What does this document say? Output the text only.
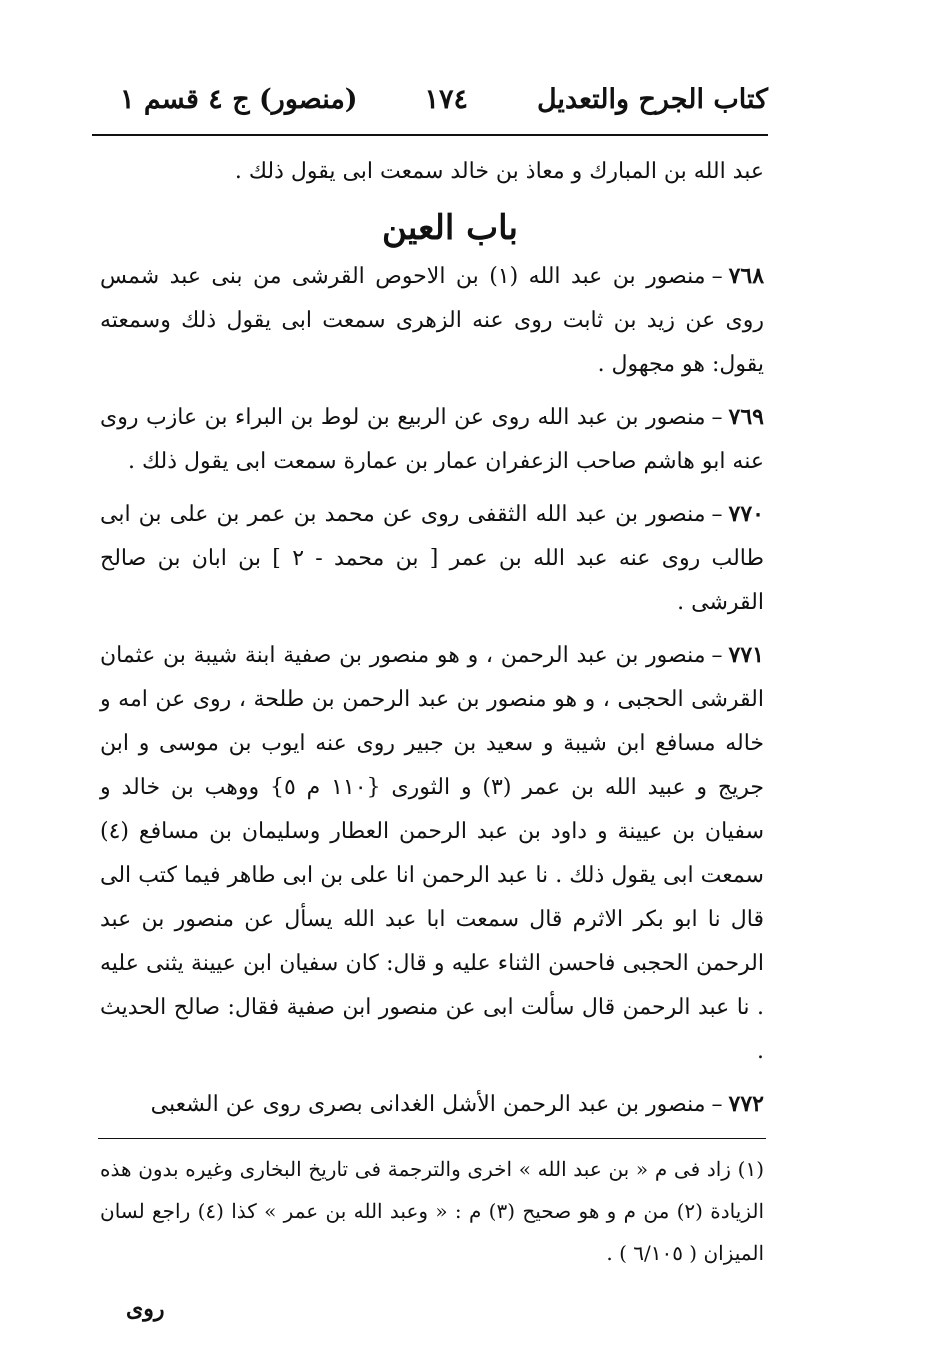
كتاب الجرح والتعديل
١٧٤
(منصور) ج ٤ قسم ١
عبد الله بن المبارك و معاذ بن خالد سمعت ابى يقول ذلك .
باب العين

٧٦٨–منصور بن عبد الله (١) بن الاحوص القرشى من بنى عبد شمس روى عن زيد بن ثابت روى عنه الزهرى سمعت ابى يقول ذلك وسمعته يقول: هو مجهول .

٧٦٩–منصور بن عبد الله روى عن الربيع بن لوط بن البراء بن عازب روى عنه ابو هاشم صاحب الزعفران عمار بن عمارة سمعت ابى يقول ذلك .

٧٧٠–منصور بن عبد الله الثقفى روى عن محمد بن عمر بن على بن ابى طالب روى عنه عبد الله بن عمر [ بن محمد - ٢ ] بن ابان بن صالح القرشى .

٧٧١–منصور بن عبد الرحمن ، و هو منصور بن صفية ابنة شيبة بن عثمان القرشى الحجبى ، و هو منصور بن عبد الرحمن بن طلحة ، روى عن امه و خاله مسافع ابن شيبة و سعيد بن جبير روى عنه ايوب بن موسى و ابن جريج و عبيد الله بن عمر (٣) و الثورى {١١٠ م ٥} ووهب بن خالد و سفيان بن عيينة و داود بن عبد الرحمن العطار وسليمان بن مسافع (٤) سمعت ابى يقول ذلك . نا عبد الرحمن انا على بن ابى طاهر فيما كتب الى قال نا ابو بكر الاثرم قال سمعت ابا عبد الله يسأل عن منصور بن عبد الرحمن الحجبى فاحسن الثناء عليه و قال: كان سفيان ابن عيينة يثنى عليه . نا عبد الرحمن قال سألت ابى عن منصور ابن صفية فقال: صالح الحديث .

٧٧٢–منصور بن عبد الرحمن الأشل الغدانى بصرى روى عن الشعبى

(١) زاد فى م « بن عبد الله » اخرى والترجمة فى تاريخ البخارى وغيره بدون هذه الزيادة (٢) من م و هو صحيح (٣) م : « وعبد الله بن عمر » كذا (٤) راجع لسان الميزان ( ٦/١٠٥ ) .
روى
